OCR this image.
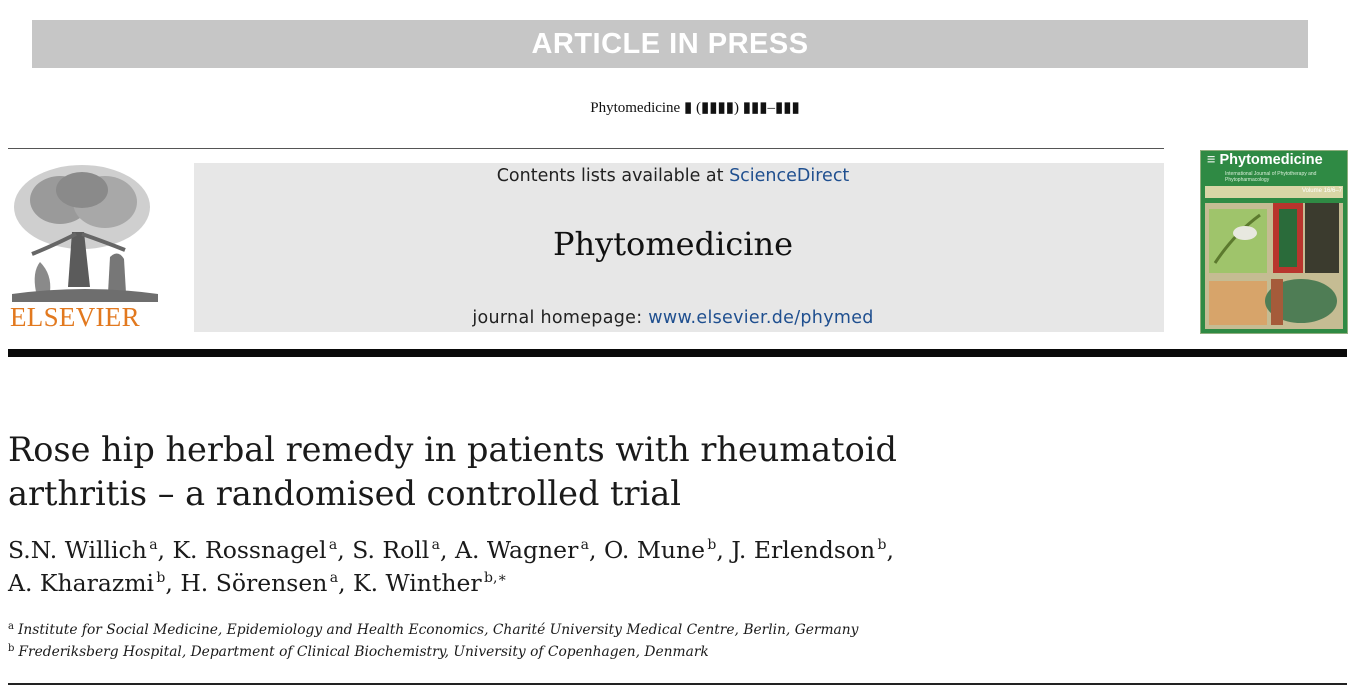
ARTICLE IN PRESS
Phytomedicine ▮ (▮▮▮▮) ▮▮▮–▮▮▮
ELSEVIER
Contents lists available at ScienceDirect
Phytomedicine
journal homepage: www.elsevier.de/phymed
≡ Phytomedicine
International Journal of Phytotherapy and Phytopharmacology
Volume 16/6–7
Rose hip herbal remedy in patients with rheumatoid
arthritis – a randomised controlled trial
S.N. Willich  $^a$, K. Rossnagel  $^a$, S. Roll  $^a$, A. Wagner  $^a$, O. Mune  $^b$, J. Erlendson  $^b$,
A. Kharazmi  $^b$, H. Sörensen  $^a$, K. Winther  $^{b,∗}$
$^a$ Institute for Social Medicine, Epidemiology and Health Economics, Charité University Medical Centre, Berlin, Germany
$^b$ Frederiksberg Hospital, Department of Clinical Biochemistry, University of Copenhagen, Denmark
